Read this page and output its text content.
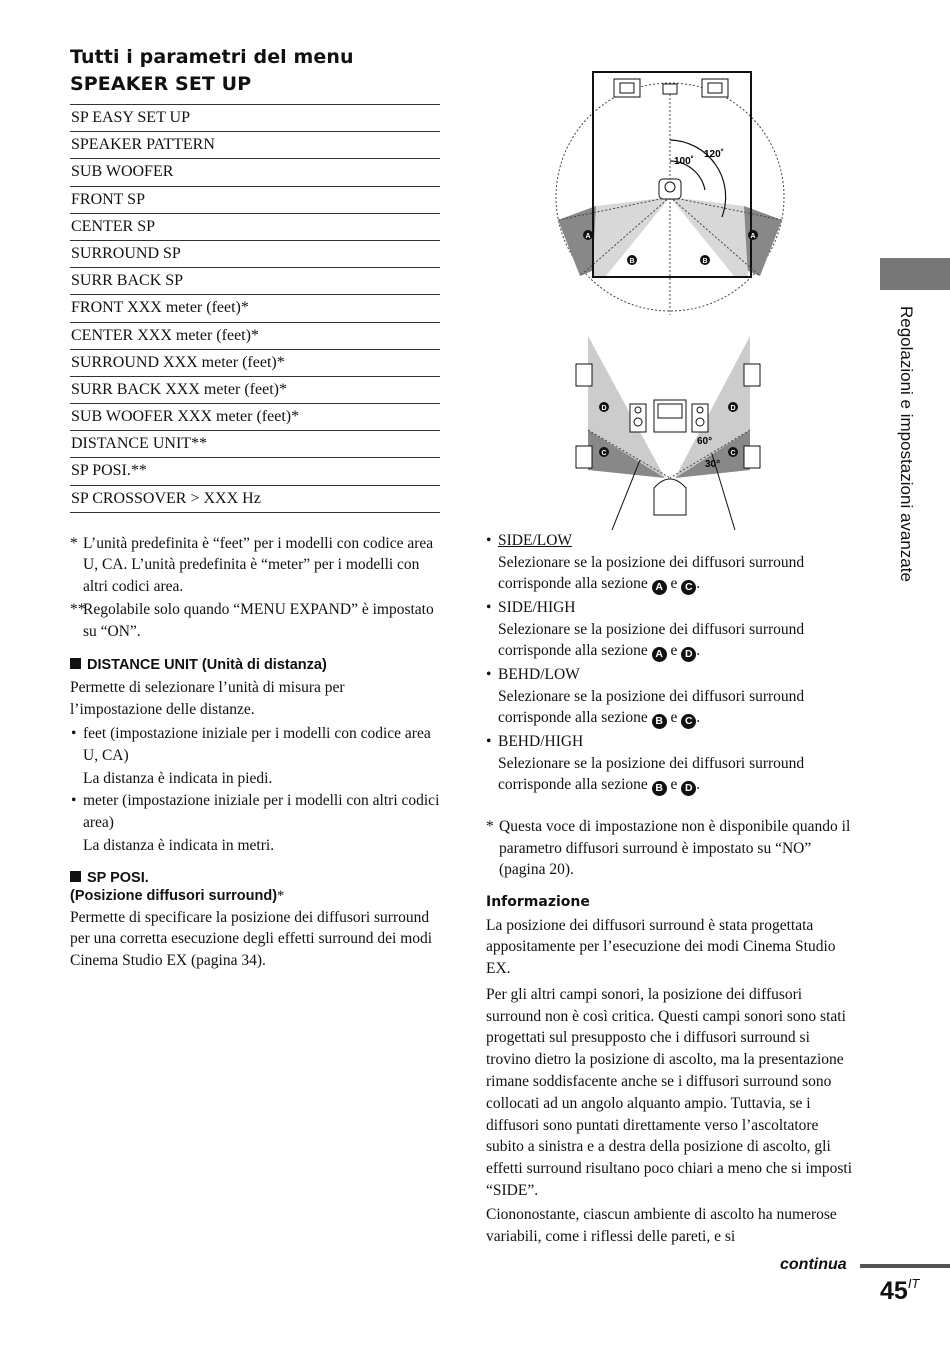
Tutti i parametri del menu
SPEAKER SET UP
SP EASY SET UP
SPEAKER PATTERN
SUB WOOFER
FRONT SP
CENTER SP
SURROUND SP
SURR BACK SP
FRONT XXX meter (feet)*
CENTER XXX meter (feet)*
SURROUND XXX meter (feet)*
SURR BACK XXX meter (feet)*
SUB WOOFER XXX meter (feet)*
DISTANCE UNIT**
SP POSI.**
SP CROSSOVER > XXX Hz
* L’unità predefinita è “feet” per i modelli con codice area U, CA. L’unità predefinita è “meter” per i modelli con altri codici area.
**
Regolabile solo quando “MENU EXPAND” è impostato su “ON”.
DISTANCE UNIT (Unità di distanza)

Permette di selezionare l’unità di misura per l’impostazione delle distanze.

• feet (impostazione iniziale per i modelli con codice area U, CA)
La distanza è indicata in piedi.
• meter (impostazione iniziale per i modelli con altri codici area)
La distanza è indicata in metri.
SP POSI.
(Posizione diffusori surround)*

Permette di specificare la posizione dei diffusori surround per una corretta esecuzione degli effetti surround dei modi Cinema Studio EX (pagina 34).

120˚
100˚
A	A
B	B
60°
30°
D	D
C	C
• SIDE/LOW
Selezionare se la posizione dei diffusori surround corrisponde alla sezione A e C .
• SIDE/HIGH
Selezionare se la posizione dei diffusori surround corrisponde alla sezione A e D .
• BEHD/LOW
Selezionare se la posizione dei diffusori surround corrisponde alla sezione B e C .
• BEHD/HIGH
Selezionare se la posizione dei diffusori surround corrisponde alla sezione B e D .
* Questa voce di impostazione non è disponibile quando il parametro diffusori surround è impostato su “NO” (pagina 20).
Informazione

La posizione dei diffusori surround è stata progettata appositamente per l’esecuzione dei modi Cinema Studio EX.

Per gli altri campi sonori, la posizione dei diffusori surround non è così critica. Questi campi sonori sono stati progettati sul presupposto che i diffusori surround si trovino dietro la posizione di ascolto, ma la presentazione rimane soddisfacente anche se i diffusori surround sono collocati ad un angolo alquanto ampio. Tuttavia, se i diffusori sono puntati direttamente verso l’ascoltatore subito a sinistra e a destra della posizione di ascolto, gli effetti surround risultano poco chiari a meno che si imposti “SIDE”.

Ciononostante, ciascun ambiente di ascolto ha numerose variabili, come i riflessi delle pareti, e si

Regolazioni e impostazioni avanzate
continua
$45^{IT}$
